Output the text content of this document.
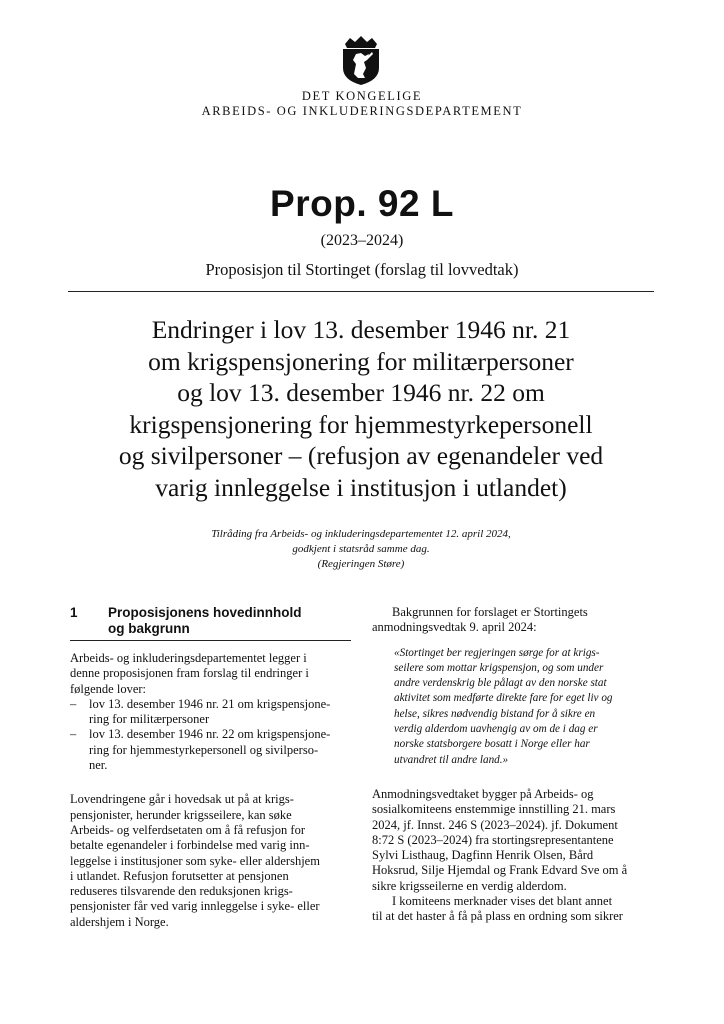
DET KONGELIGE
ARBEIDS- OG INKLUDERINGSDEPARTEMENT
Prop. 92 L
(2023–2024)
Proposisjon til Stortinget (forslag til lovvedtak)
Endringer i lov 13. desember 1946 nr. 21
om krigspensjonering for militærpersoner
og lov 13. desember 1946 nr. 22 om
krigspensjonering for hjemmestyrkepersonell
og sivilpersoner – (refusjon av egenandeler ved
varig innleggelse i institusjon i utlandet)
Tilråding fra Arbeids- og inkluderingsdepartementet 12. april 2024,
godkjent i statsråd samme dag.
(Regjeringen Støre)
1	Proposisjonens hovedinnhold
og bakgrunn
Arbeids- og inkluderingsdepartementet legger i
denne proposisjonen fram forslag til endringer i
følgende lover:
–	lov 13. desember 1946 nr. 21 om krigspensjone-
ring for militærpersoner
–	lov 13. desember 1946 nr. 22 om krigspensjone-
ring for hjemmestyrkepersonell og sivilperso-
ner.
Lovendringene går i hovedsak ut på at krigs-
pensjonister, herunder krigsseilere, kan søke
Arbeids- og velferdsetaten om å få refusjon for
betalte egenandeler i forbindelse med varig inn-
leggelse i institusjoner som syke- eller aldershjem
i utlandet. Refusjon forutsetter at pensjonen
reduseres tilsvarende den reduksjonen krigs-
pensjonister får ved varig innleggelse i syke- eller
aldershjem i Norge.
Bakgrunnen for forslaget er Stortingets
anmodningsvedtak 9. april 2024:
«Stortinget ber regjeringen sørge for at krigs-
seilere som mottar krigspensjon, og som under
andre verdenskrig ble pålagt av den norske stat
aktivitet som medførte direkte fare for eget liv og
helse, sikres nødvendig bistand for å sikre en
verdig alderdom uavhengig av om de i dag er
norske statsborgere bosatt i Norge eller har
utvandret til andre land.»
Anmodningsvedtaket bygger på Arbeids- og
sosialkomiteens enstemmige innstilling 21. mars
2024, jf. Innst. 246 S (2023–2024). jf. Dokument
8:72 S (2023–2024) fra stortingsrepresentantene
Sylvi Listhaug, Dagfinn Henrik Olsen, Bård
Hoksrud, Silje Hjemdal og Frank Edvard Sve om å
sikre krigsseilerne en verdig alderdom.
I komiteens merknader vises det blant annet
til at det haster å få på plass en ordning som sikrer
